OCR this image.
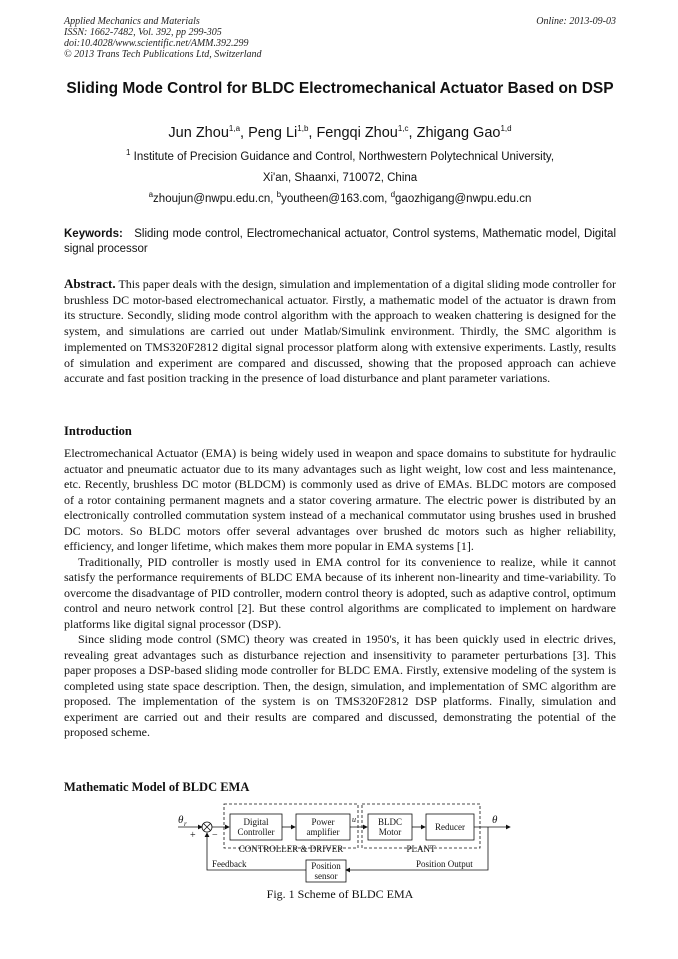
Applied Mechanics and Materials
ISSN: 1662-7482, Vol. 392, pp 299-305
doi:10.4028/www.scientific.net/AMM.392.299
© 2013 Trans Tech Publications Ltd, Switzerland
Online: 2013-09-03
Sliding Mode Control for BLDC Electromechanical Actuator Based on DSP
Jun Zhou$^{1,a}$, Peng Li$^{1,b}$, Fengqi Zhou$^{1,c}$, Zhigang Gao$^{1,d}$
$^1$ Institute of Precision Guidance and Control, Northwestern Polytechnical University,
Xi'an, Shaanxi, 710072, China
$^a$zhoujun@nwpu.edu.cn, $^b$youtheen@163.com, $^d$gaozhigang@nwpu.edu.cn
Keywords: Sliding mode control, Electromechanical actuator, Control systems, Mathematic model, Digital signal processor
Abstract. This paper deals with the design, simulation and implementation of a digital sliding mode controller for brushless DC motor-based electromechanical actuator. Firstly, a mathematic model of the actuator is drawn from its structure. Secondly, sliding mode control algorithm with the approach to weaken chattering is designed for the system, and simulations are carried out under Matlab/Simulink environment. Thirdly, the SMC algorithm is implemented on TMS320F2812 digital signal processor platform along with extensive experiments. Lastly, results of simulation and experiment are compared and discussed, showing that the proposed approach can achieve accurate and fast position tracking in the presence of load disturbance and plant parameter variations.
Introduction

Electromechanical Actuator (EMA) is being widely used in weapon and space domains to substitute for hydraulic actuator and pneumatic actuator due to its many advantages such as light weight, low cost and less maintenance, etc. Recently, brushless DC motor (BLDCM) is commonly used as drive of EMAs. BLDC motors are composed of a rotor containing permanent magnets and a stator covering armature. The electric power is distributed by an electronically controlled commutation system instead of a mechanical commutator using brushes used in brushed DC motors. So BLDC motors offer several advantages over brushed dc motors such as higher reliability, efficiency, and longer lifetime, which makes them more popular in EMA systems [1].

Traditionally, PID controller is mostly used in EMA control for its convenience to realize, while it cannot satisfy the performance requirements of BLDC EMA because of its inherent non-linearity and time-variability. To overcome the disadvantage of PID controller, modern control theory is adopted, such as adaptive control, optimum control and neuro network control [2]. But these control algorithms are complicated to implement on hardware platforms like digital signal processor (DSP).

Since sliding mode control (SMC) theory was created in 1950's, it has been quickly used in electric drives, revealing great advantages such as disturbance rejection and insensitivity to parameter perturbations [3]. This paper proposes a DSP-based sliding mode controller for BLDC EMA. Firstly, extensive modeling of the system is completed using state space description. Then, the design, simulation, and implementation of SMC algorithm are proposed. The implementation of the system is on TMS320F2812 DSP platforms. Finally, simulation and experiment are carried out and their results are compared and discussed, demonstrating the potential of the proposed scheme.

Mathematic Model of BLDC EMA
θ r
+ −
CONTROLLER & DRIVER
Digital
Controller
Power
amplifier
u
PLANT
BLDC
Motor	Reducer
θ
Position
sensor
Feedback	Position Output
Fig. 1 Scheme of BLDC EMA
